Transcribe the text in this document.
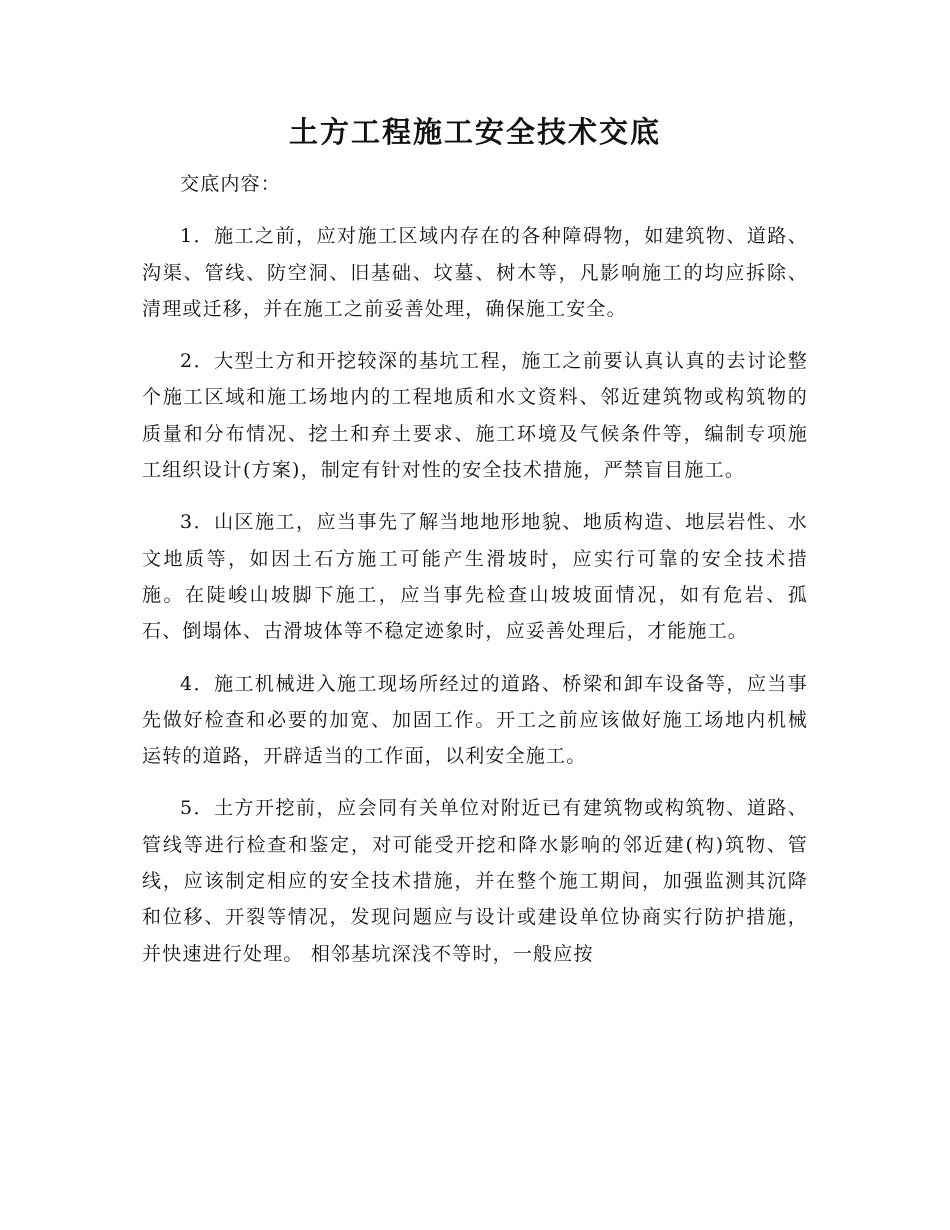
土方工程施工安全技术交底

交底内容：

1．施工之前，应对施工区域内存在的各种障碍物，如建筑物、道路、沟渠、管线、防空洞、旧基础、坟墓、树木等，凡影响施工的均应拆除、清理或迁移，并在施工之前妥善处理，确保施工安全。

2．大型土方和开挖较深的基坑工程，施工之前要认真认真的去讨论整个施工区域和施工场地内的工程地质和水文资料、邻近建筑物或构筑物的质量和分布情况、挖土和弃土要求、施工环境及气候条件等，编制专项施工组织设计(方案)，制定有针对性的安全技术措施，严禁盲目施工。

3．山区施工，应当事先了解当地地形地貌、地质构造、地层岩性、水文地质等，如因土石方施工可能产生滑坡时，应实行可靠的安全技术措施。在陡峻山坡脚下施工，应当事先检查山坡坡面情况，如有危岩、孤石、倒塌体、古滑坡体等不稳定迹象时，应妥善处理后，才能施工。

4．施工机械进入施工现场所经过的道路、桥梁和卸车设备等，应当事先做好检查和必要的加宽、加固工作。开工之前应该做好施工场地内机械运转的道路，开辟适当的工作面，以利安全施工。

5．土方开挖前，应会同有关单位对附近已有建筑物或构筑物、道路、管线等进行检查和鉴定，对可能受开挖和降水影响的邻近建(构)筑物、管线，应该制定相应的安全技术措施，并在整个施工期间，加强监测其沉降和位移、开裂等情况，发现问题应与设计或建设单位协商实行防护措施，并快速进行处理。 相邻基坑深浅不等时，一般应按
